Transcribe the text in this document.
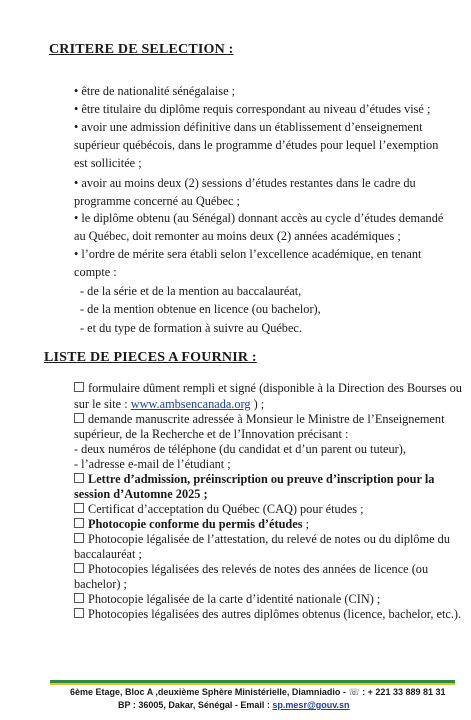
CRITERE DE SELECTION :
• être de nationalité sénégalaise ;
• être titulaire du diplôme requis correspondant au niveau d’études visé ;
• avoir une admission définitive dans un établissement d’enseignement
supérieur québécois, dans le programme d’études pour lequel l’exemption
est sollicitée ;
• avoir au moins deux (2) sessions d’études restantes dans le cadre du
programme concerné au Québec ;
• le diplôme obtenu (au Sénégal) donnant accès au cycle d’études demandé
au Québec, doit remonter au moins deux (2) années académiques ;
• l’ordre de mérite sera établi selon l’excellence académique, en tenant
compte :
- de la série et de la mention au baccalauréat,
- de la mention obtenue en licence (ou bachelor),
- et du type de formation à suivre au Québec.
LISTE DE PIECES A FOURNIR :
formulaire dûment rempli et signé (disponible à la Direction des Bourses ou
sur le site : www.ambsencanada.org ) ;
demande manuscrite adressée à Monsieur le Ministre de l’Enseignement
supérieur, de la Recherche et de l’Innovation précisant :
- deux numéros de téléphone (du candidat et d’un parent ou tuteur),
- l’adresse e-mail de l’étudiant ;
Lettre d’admission, préinscription ou preuve d’inscription pour la
session d’Automne 2025 ;
Certificat d’acceptation du Québec (CAQ) pour études ;
Photocopie conforme du permis d’études ;
Photocopie légalisée de l’attestation, du relevé de notes ou du diplôme du
baccalauréat ;
Photocopies légalisées des relevés de notes des années de licence (ou
bachelor) ;
Photocopie légalisée de la carte d’identité nationale (CIN) ;
Photocopies légalisées des autres diplômes obtenus (licence, bachelor, etc.).
6ème Etage, Bloc A ,deuxième Sphère Ministérielle, Diamniadio - ☏ : + 221 33 889 81 31
BP : 36005, Dakar, Sénégal - Email : sp.mesr@gouv.sn
